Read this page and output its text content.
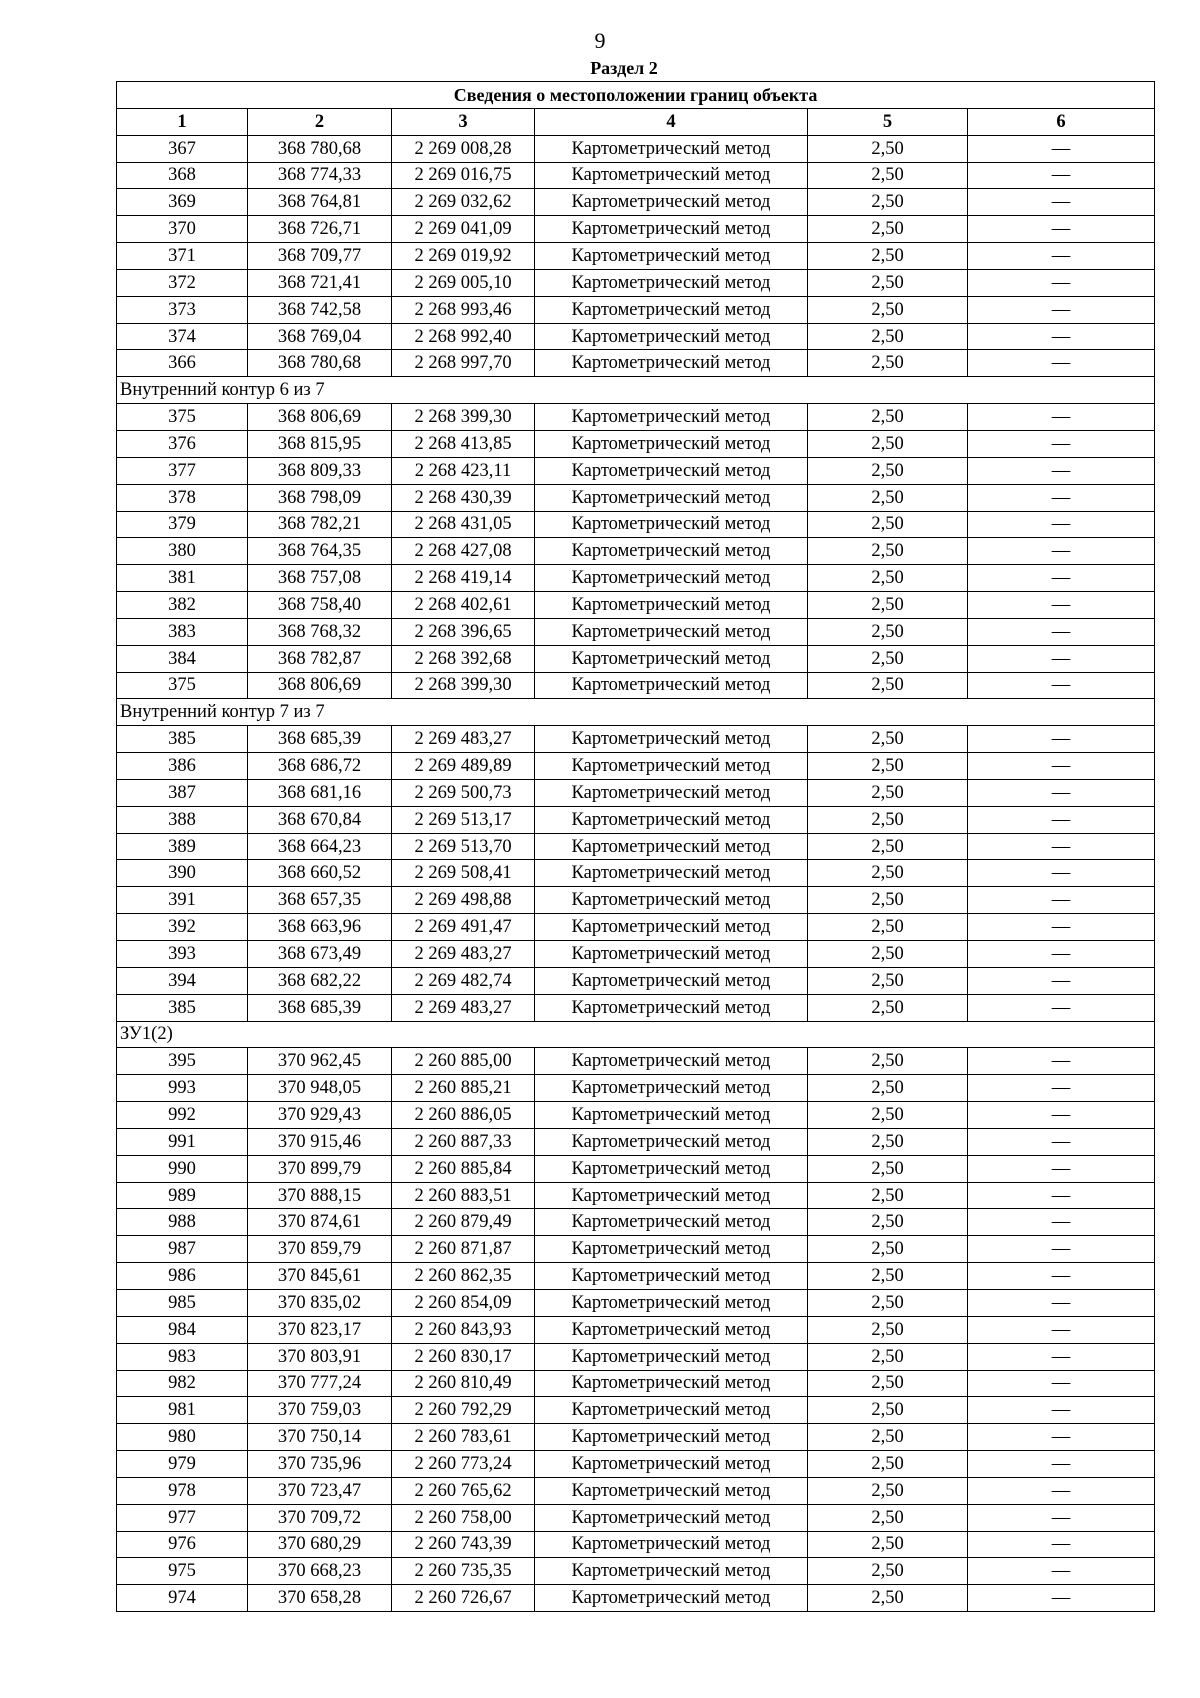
9
Раздел 2
Сведения о местоположении границ объекта					
1	2	3	4	5	6
367	368 780,68	2 269 008,28	Картометрический метод	2,50	—
368	368 774,33	2 269 016,75	Картометрический метод	2,50	—
369	368 764,81	2 269 032,62	Картометрический метод	2,50	—
370	368 726,71	2 269 041,09	Картометрический метод	2,50	—
371	368 709,77	2 269 019,92	Картометрический метод	2,50	—
372	368 721,41	2 269 005,10	Картометрический метод	2,50	—
373	368 742,58	2 268 993,46	Картометрический метод	2,50	—
374	368 769,04	2 268 992,40	Картометрический метод	2,50	—
366	368 780,68	2 268 997,70	Картометрический метод	2,50	—
Внутренний контур 6 из 7					
375	368 806,69	2 268 399,30	Картометрический метод	2,50	—
376	368 815,95	2 268 413,85	Картометрический метод	2,50	—
377	368 809,33	2 268 423,11	Картометрический метод	2,50	—
378	368 798,09	2 268 430,39	Картометрический метод	2,50	—
379	368 782,21	2 268 431,05	Картометрический метод	2,50	—
380	368 764,35	2 268 427,08	Картометрический метод	2,50	—
381	368 757,08	2 268 419,14	Картометрический метод	2,50	—
382	368 758,40	2 268 402,61	Картометрический метод	2,50	—
383	368 768,32	2 268 396,65	Картометрический метод	2,50	—
384	368 782,87	2 268 392,68	Картометрический метод	2,50	—
375	368 806,69	2 268 399,30	Картометрический метод	2,50	—
Внутренний контур 7 из 7					
385	368 685,39	2 269 483,27	Картометрический метод	2,50	—
386	368 686,72	2 269 489,89	Картометрический метод	2,50	—
387	368 681,16	2 269 500,73	Картометрический метод	2,50	—
388	368 670,84	2 269 513,17	Картометрический метод	2,50	—
389	368 664,23	2 269 513,70	Картометрический метод	2,50	—
390	368 660,52	2 269 508,41	Картометрический метод	2,50	—
391	368 657,35	2 269 498,88	Картометрический метод	2,50	—
392	368 663,96	2 269 491,47	Картометрический метод	2,50	—
393	368 673,49	2 269 483,27	Картометрический метод	2,50	—
394	368 682,22	2 269 482,74	Картометрический метод	2,50	—
385	368 685,39	2 269 483,27	Картометрический метод	2,50	—
ЗУ1(2)					
395	370 962,45	2 260 885,00	Картометрический метод	2,50	—
993	370 948,05	2 260 885,21	Картометрический метод	2,50	—
992	370 929,43	2 260 886,05	Картометрический метод	2,50	—
991	370 915,46	2 260 887,33	Картометрический метод	2,50	—
990	370 899,79	2 260 885,84	Картометрический метод	2,50	—
989	370 888,15	2 260 883,51	Картометрический метод	2,50	—
988	370 874,61	2 260 879,49	Картометрический метод	2,50	—
987	370 859,79	2 260 871,87	Картометрический метод	2,50	—
986	370 845,61	2 260 862,35	Картометрический метод	2,50	—
985	370 835,02	2 260 854,09	Картометрический метод	2,50	—
984	370 823,17	2 260 843,93	Картометрический метод	2,50	—
983	370 803,91	2 260 830,17	Картометрический метод	2,50	—
982	370 777,24	2 260 810,49	Картометрический метод	2,50	—
981	370 759,03	2 260 792,29	Картометрический метод	2,50	—
980	370 750,14	2 260 783,61	Картометрический метод	2,50	—
979	370 735,96	2 260 773,24	Картометрический метод	2,50	—
978	370 723,47	2 260 765,62	Картометрический метод	2,50	—
977	370 709,72	2 260 758,00	Картометрический метод	2,50	—
976	370 680,29	2 260 743,39	Картометрический метод	2,50	—
975	370 668,23	2 260 735,35	Картометрический метод	2,50	—
974	370 658,28	2 260 726,67	Картометрический метод	2,50	—
